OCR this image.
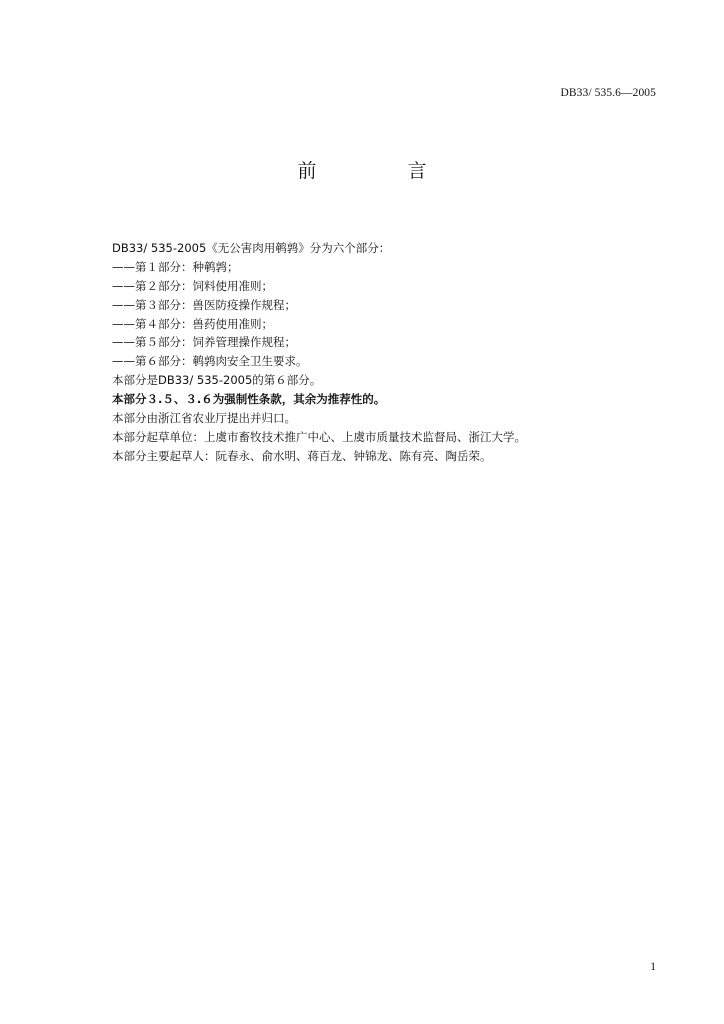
DB33/ 535.6—2005
前　言
DB33/ 535-2005《无公害肉用鹌鹑》分为六个部分：
——第１部分：种鹌鹑；
——第２部分：饲料使用准则；
——第３部分：兽医防疫操作规程；
——第４部分：兽药使用准则；
——第５部分：饲养管理操作规程；
——第６部分：鹌鹑肉安全卫生要求。
本部分是DB33/ 535-2005的第６部分。
本部分３.５、３.６为强制性条款，其余为推荐性的。
本部分由浙江省农业厅提出并归口。
本部分起草单位：上虞市畜牧技术推广中心、上虞市质量技术监督局、浙江大学。
本部分主要起草人：阮春永、俞水明、蒋百龙、钟锦龙、陈有亮、陶岳荣。
1
